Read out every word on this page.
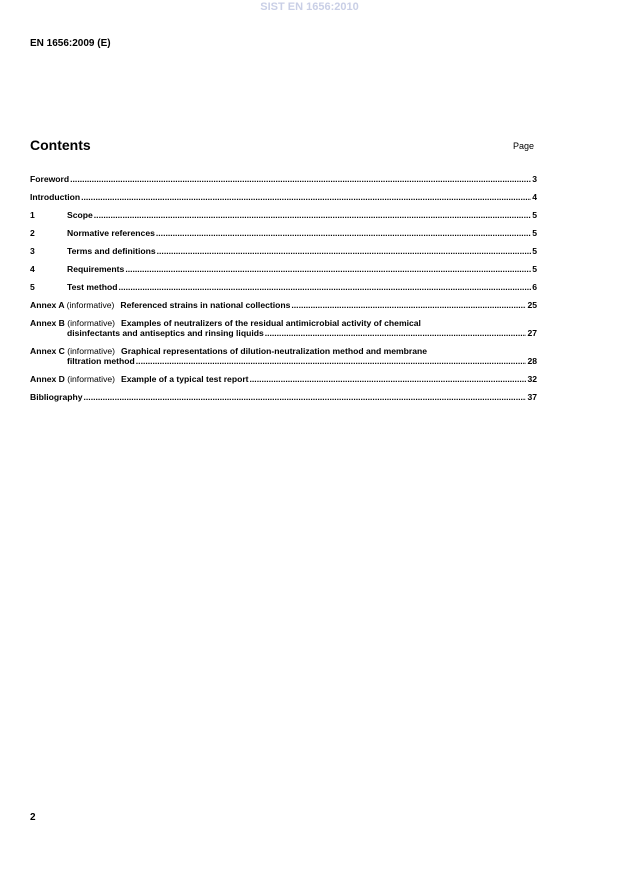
SIST EN 1656:2010
EN 1656:2009 (E)
Contents	Page
Foreword .....	3
Introduction .....	4
1	Scope .....	5
2	Normative references .....	5
3	Terms and definitions .....	5
4	Requirements .....	5
5	Test method .....	6
Annex A (informative) Referenced strains in national collections .....	25
Annex B (informative) Examples of neutralizers of the residual antimicrobial activity of chemical
disinfectants and antiseptics and rinsing liquids .....	27
Annex C (informative) Graphical representations of dilution-neutralization method and membrane
filtration method .....	28
Annex D (informative) Example of a typical test report .....	32
Bibliography .....	37
2
